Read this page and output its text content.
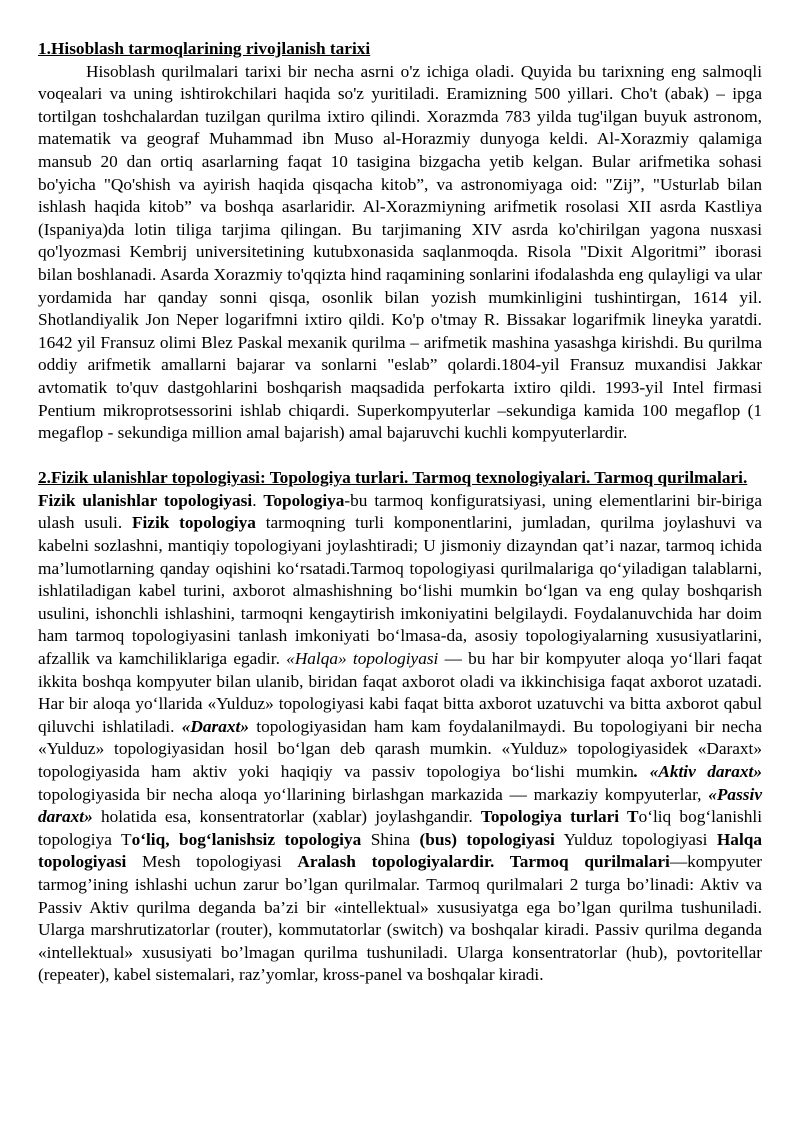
1.Hisoblash tarmoqlarining rivojlanish tarixi

Hisoblash qurilmalari tarixi bir necha asrni o'z ichiga oladi. Quyida bu tarixning eng salmoqli voqealari va uning ishtirokchilari haqida so'z yuritiladi. Eramizning 500 yillari. Cho't (abak) – ipga tortilgan toshchalardan tuzilgan qurilma ixtiro qilindi. Xorazmda 783 yilda tug'ilgan buyuk astronom, matematik va geograf Muhammad ibn Muso al-Horazmiy dunyoga keldi. Al-Xorazmiy qalamiga mansub 20 dan ortiq asarlarning faqat 10 tasigina bizgacha yetib kelgan. Bular arifmetika sohasi bo'yicha "Qo'shish va ayirish haqida qisqacha kitob”, va astronomiyaga oid: "Zij”, "Usturlab bilan ishlash haqida kitob” va boshqa asarlaridir. Al-Xorazmiyning arifmetik rosolasi XII asrda Kastliya (Ispaniya)da lotin tiliga tarjima qilingan. Bu tarjimaning XIV asrda ko'chirilgan yagona nusxasi qo'lyozmasi Kembrij universitetining kutubxonasida saqlanmoqda. Risola "Dixit Algoritmi” iborasi bilan boshlanadi. Asarda Xorazmiy to'qqizta hind raqamining sonlarini ifodalashda eng qulayligi va ular yordamida har qanday sonni qisqa, osonlik bilan yozish mumkinligini tushintirgan, 1614 yil. Shotlandiyalik Jon Neper logarifmni ixtiro qildi. Ko'p o'tmay R. Bissakar logarifmik lineyka yaratdi. 1642 yil Fransuz olimi Blez Paskal mexanik qurilma – arifmetik mashina yasashga kirishdi. Bu qurilma oddiy arifmetik amallarni bajarar va sonlarni "eslab” qolardi.1804-yil Fransuz muxandisi Jakkar avtomatik to'quv dastgohlarini boshqarish maqsadida perfokarta ixtiro qildi. 1993-yil Intel firmasi Pentium mikroprotsessorini ishlab chiqardi. Superkompyuterlar –sekundiga kamida 100 megaflop (1 megaflop - sekundiga million amal bajarish) amal bajaruvchi kuchli kompyuterlardir.

2.Fizik ulanishlar topologiyasi: Topologiya turlari. Tarmoq texnologiyalari. Tarmoq qurilmalari.

Fizik ulanishlar topologiyasi. Topologiya-bu tarmoq konfiguratsiyasi, uning elementlarini bir-biriga ulash usuli. Fizik topologiya tarmoqning turli komponentlarini, jumladan, qurilma joylashuvi va kabelni sozlashni, mantiqiy topologiyani joylashtiradi; U jismoniy dizayndan qat’i nazar, tarmoq ichida ma’lumotlarning qanday oqishini ko‘rsatadi.Tarmoq topologiyasi qurilmalariga qo‘yiladigan talablarni, ishlatiladigan kabel turini, axborot almashishning bo‘lishi mumkin bo‘lgan va eng qulay boshqarish usulini, ishonchli ishlashini, tarmoqni kengaytirish imkoniyatini belgilaydi. Foydalanuvchida har doim ham tarmoq topologiyasini tanlash imkoniyati bo‘lmasa-da, asosiy topologiyalarning xususiyatlarini, afzallik va kamchiliklariga egadir. «Halqa» topologiyasi — bu har bir kompyuter aloqa yo‘llari faqat ikkita boshqa kompyuter bilan ulanib, biridan faqat axborot oladi va ikkinchisiga faqat axborot uzatadi. Har bir aloqa yo‘llarida «Yulduz» topologiyasi kabi faqat bitta axborot uzatuvchi va bitta axborot qabul qiluvchi ishlatiladi. «Daraxt» topologiyasidan ham kam foydalanilmaydi. Bu topologiyani bir necha «Yulduz» topologiyasidan hosil bo‘lgan deb qarash mumkin. «Yulduz» topologiyasidek «Daraxt» topologiyasida ham aktiv yoki haqiqiy va passiv topologiya bo‘lishi mumkin. «Aktiv daraxt» topologiyasida bir necha aloqa yo‘llarining birlashgan markazida — markaziy kompyuterlar, «Passiv daraxt» holatida esa, konsentratorlar (xablar) joylashgandir. Topologiya turlari To‘liq bog‘lanishli topologiya To‘liq, bog‘lanishsiz topologiya Shina (bus) topologiyasi Yulduz topologiyasi Halqa topologiyasi Mesh topologiyasi Aralash topologiyalardir. Tarmoq qurilmalari—kompyuter tarmog’ining ishlashi uchun zarur bo’lgan qurilmalar. Tarmoq qurilmalari 2 turga bo’linadi: Aktiv va Passiv Aktiv qurilma deganda ba’zi bir «intellektual» xususiyatga ega bo’lgan qurilma tushuniladi. Ularga marshrutizatorlar (router), kommutatorlar (switch) va boshqalar kiradi. Passiv qurilma deganda «intellektual» xususiyati bo’lmagan qurilma tushuniladi. Ularga konsentratorlar (hub), povtoritellar (repeater), kabel sistemalari, raz’yomlar, kross-panel va boshqalar kiradi.
